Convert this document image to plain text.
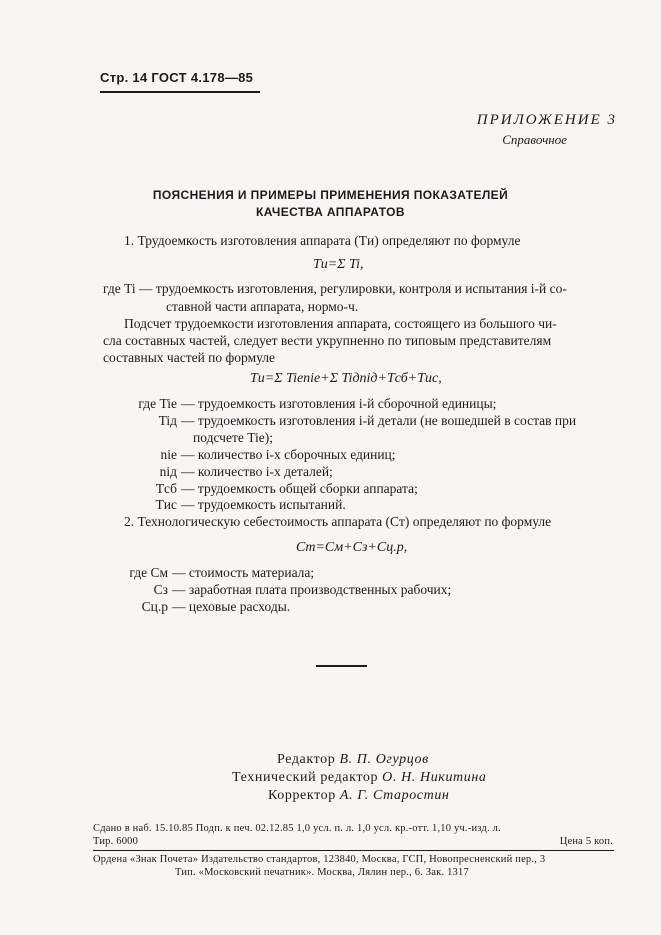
Стр. 14 ГОСТ 4.178—85
ПРИЛОЖЕНИЕ 3
Справочное
ПОЯСНЕНИЯ И ПРИМЕРЫ ПРИМЕНЕНИЯ ПОКАЗАТЕЛЕЙ
КАЧЕСТВА АППАРАТОВ
1. Трудоемкость изготовления аппарата (Tи) определяют по формуле
Tи=Σ Ti,
где Ti — трудоемкость изготовления, регулировки, контроля и испытания i-й со-
ставной части аппарата, нормо-ч.
Подсчет трудоемкости изготовления аппарата, состоящего из большого чи-
сла составных частей, следует вести укрупненно по типовым представителям
составных частей по формуле
Tи=Σ Tiеniе+Σ Tiдniд+Tсб+Tис,
где Tiе — трудоемкость изготовления i-й сборочной единицы;
Tiд — трудоемкость изготовления i-й детали (не вошедшей в состав при
подсчете Tiе);
niе — количество i-х сборочных единиц;
niд — количество i-х деталей;
Tсб — трудоемкость общей сборки аппарата;
Tис — трудоемкость испытаний.
2. Технологическую себестоимость аппарата (Cт) определяют по формуле
Cт=Cм+Cз+Cц.р,
где Cм — стоимость материала;
Cз — заработная плата производственных рабочих;
Cц.р — цеховые расходы.
Редактор В. П. Огурцов
Технический редактор О. Н. Никитина
Корректор А. Г. Старостин
Сдано в наб. 15.10.85 Подп. к печ. 02.12.85 1,0 усл. п. л. 1,0 усл. кр.-отт. 1,10 уч.-изд. л.
Тир. 6000	Цена 5 коп.
Ордена «Знак Почета» Издательство стандартов, 123840, Москва, ГСП, Новопресненский пер., 3
Тип. «Московский печатник». Москва, Лялин пер., 6. Зак. 1317
